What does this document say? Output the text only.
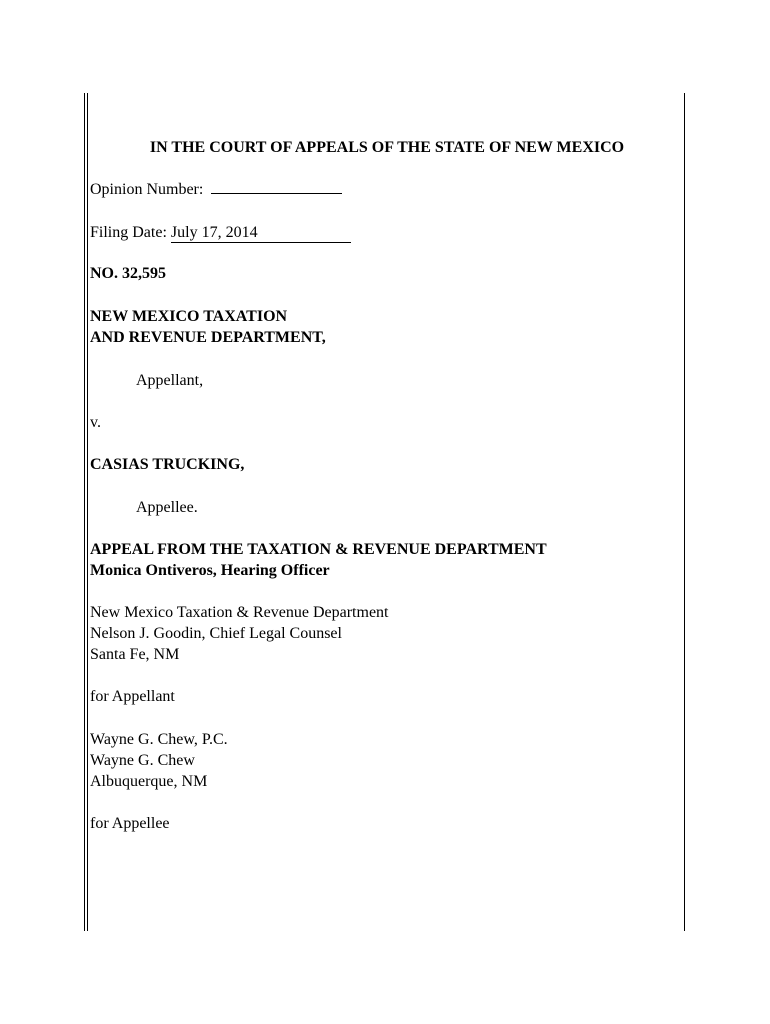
IN THE COURT OF APPEALS OF THE STATE OF NEW MEXICO
Opinion Number:
Filing Date: July 17, 2014
NO. 32,595
NEW MEXICO TAXATION
AND REVENUE DEPARTMENT,
Appellant,
v.
CASIAS TRUCKING,
Appellee.
APPEAL FROM THE TAXATION & REVENUE DEPARTMENT
Monica Ontiveros, Hearing Officer
New Mexico Taxation & Revenue Department
Nelson J. Goodin, Chief Legal Counsel
Santa Fe, NM
for Appellant
Wayne G. Chew, P.C.
Wayne G. Chew
Albuquerque, NM
for Appellee
